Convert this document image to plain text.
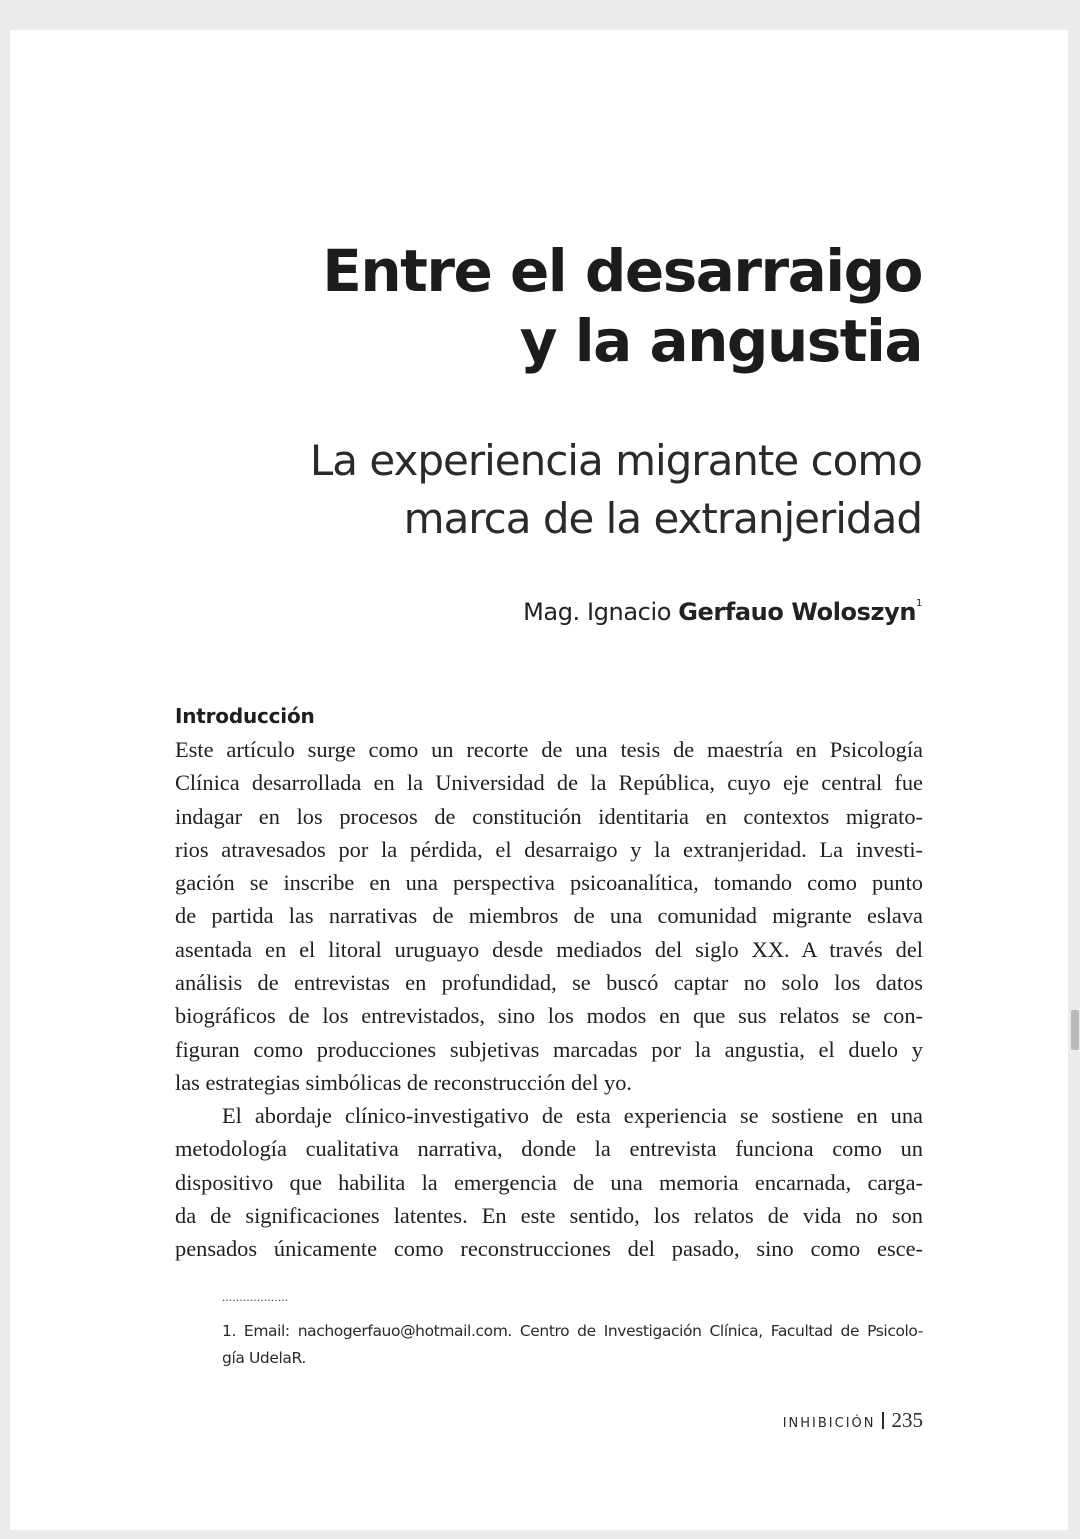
Entre el desarraigo
y la angustia
La experiencia migrante como
marca de la extranjeridad
Mag. Ignacio Gerfauo Woloszyn$^1$
Introducción
Este artículo surge como un recorte de una tesis de maestría en Psicología
Clínica desarrollada en la Universidad de la República, cuyo eje central fue
indagar en los procesos de constitución identitaria en contextos migrato-
rios atravesados por la pérdida, el desarraigo y la extranjeridad. La investi-
gación se inscribe en una perspectiva psicoanalítica, tomando como punto
de partida las narrativas de miembros de una comunidad migrante eslava
asentada en el litoral uruguayo desde mediados del siglo XX. A través del
análisis de entrevistas en profundidad, se buscó captar no solo los datos
biográficos de los entrevistados, sino los modos en que sus relatos se con-
figuran como producciones subjetivas marcadas por la angustia, el duelo y
las estrategias simbólicas de reconstrucción del yo.
El abordaje clínico-investigativo de esta experiencia se sostiene en una
metodología cualitativa narrativa, donde la entrevista funciona como un
dispositivo que habilita la emergencia de una memoria encarnada, carga-
da de significaciones latentes. En este sentido, los relatos de vida no son
pensados únicamente como reconstrucciones del pasado, sino como esce-
...................
1. Email: nachogerfauo@hotmail.com. Centro de Investigación Clínica, Facultad de Psicolo-
gía UdelaR.
INHIBICIÓN 235
